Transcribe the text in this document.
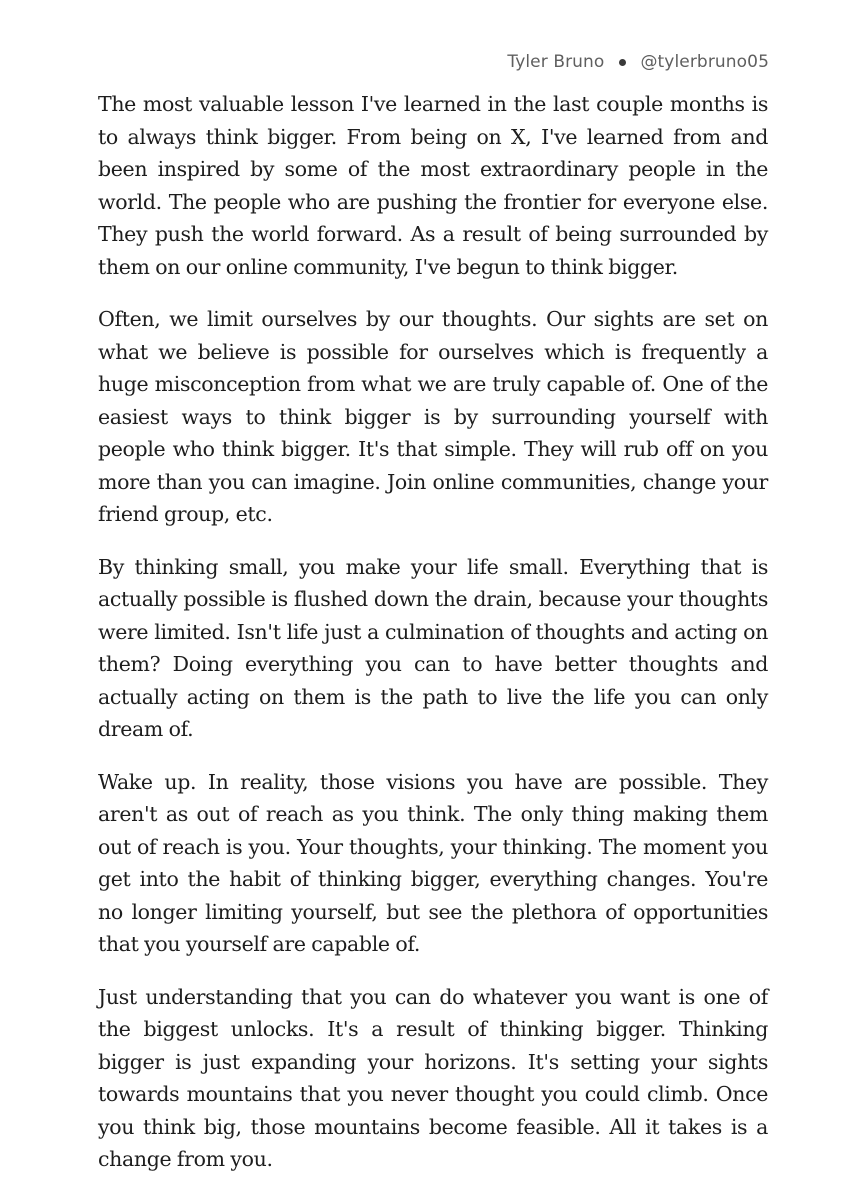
Tyler Bruno @tylerbruno05

The most valuable lesson I've learned in the last couple months is to always think bigger. From being on X, I've learned from and been inspired by some of the most extraordinary people in the world. The people who are pushing the frontier for everyone else. They push the world forward. As a result of being surrounded by them on our online community, I've begun to think bigger.

Often, we limit ourselves by our thoughts. Our sights are set on what we believe is possible for ourselves which is frequently a huge misconception from what we are truly capable of. One of the easiest ways to think bigger is by surrounding yourself with people who think bigger. It's that simple. They will rub off on you more than you can imagine. Join online communities, change your friend group, etc.

By thinking small, you make your life small. Everything that is actually possible is flushed down the drain, because your thoughts were limited. Isn't life just a culmination of thoughts and acting on them? Doing everything you can to have better thoughts and actually acting on them is the path to live the life you can only dream of.

Wake up. In reality, those visions you have are possible. They aren't as out of reach as you think. The only thing making them out of reach is you. Your thoughts, your thinking. The moment you get into the habit of thinking bigger, everything changes. You're no longer limiting yourself, but see the plethora of opportunities that you yourself are capable of.

Just understanding that you can do whatever you want is one of the biggest unlocks. It's a result of thinking bigger. Thinking bigger is just expanding your horizons. It's setting your sights towards mountains that you never thought you could climb. Once you think big, those mountains become feasible. All it takes is a change from you.
